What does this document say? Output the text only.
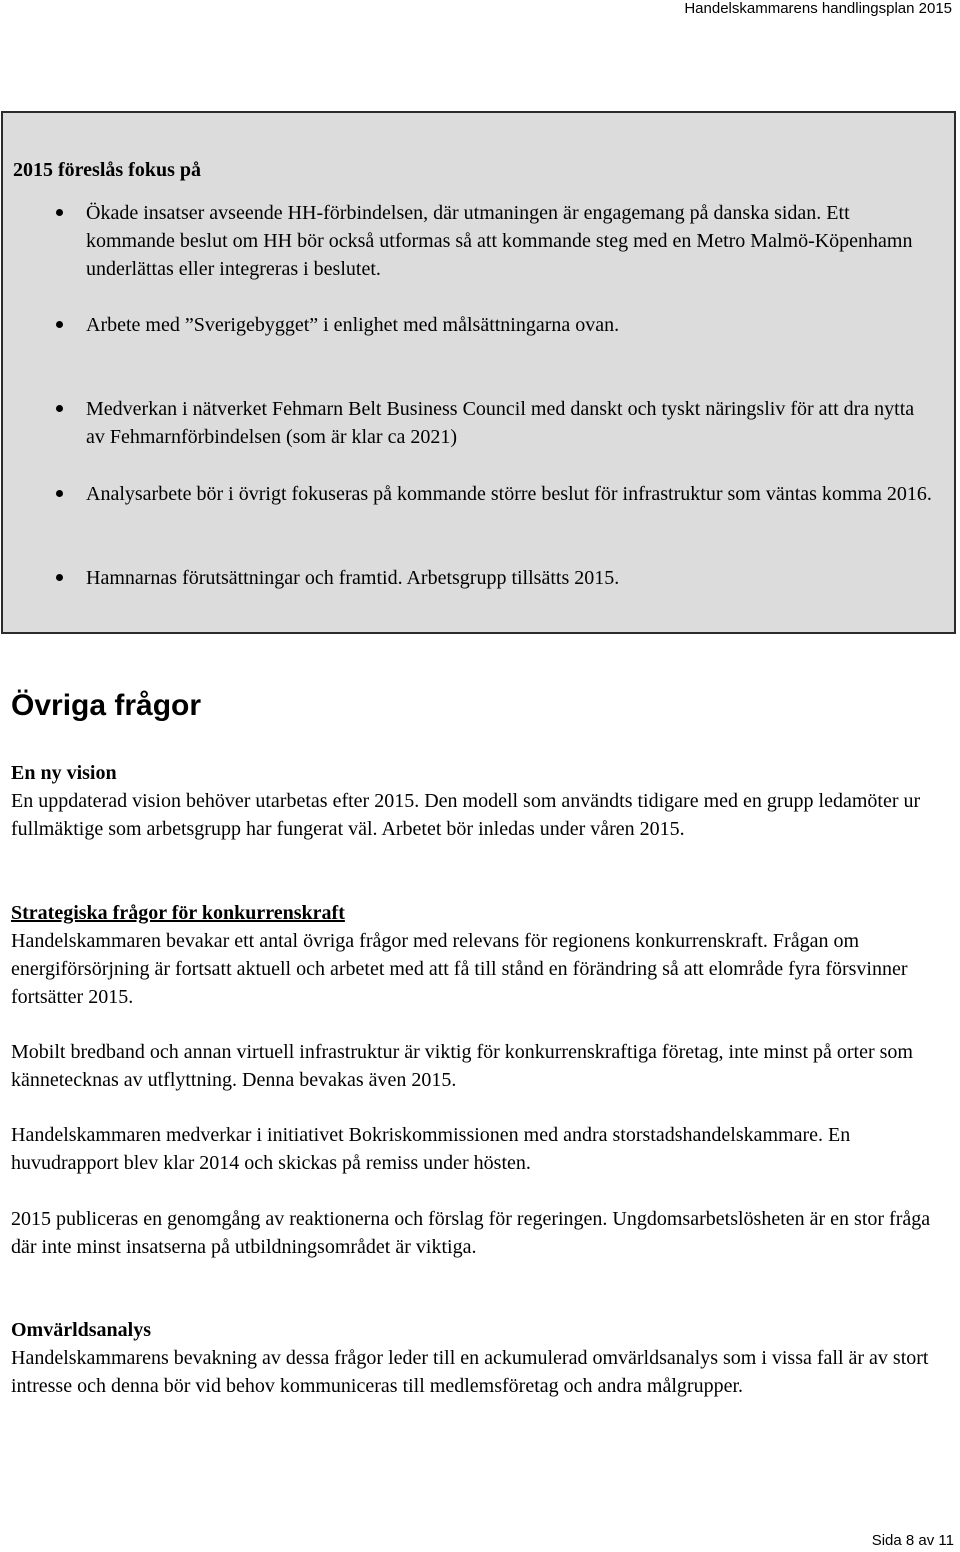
Handelskammarens handlingsplan 2015
2015 föreslås fokus på
Ökade insatser avseende HH-förbindelsen, där utmaningen är engagemang på danska sidan. Ett kommande beslut om HH bör också utformas så att kommande steg med en Metro Malmö-Köpenhamn underlättas eller integreras i beslutet.
Arbete med ”Sverigebygget” i enlighet med målsättningarna ovan.
Medverkan i nätverket Fehmarn Belt Business Council med danskt och tyskt näringsliv för att dra nytta av Fehmarnförbindelsen (som är klar ca 2021)
Analysarbete bör i övrigt fokuseras på kommande större beslut för infrastruktur som väntas komma 2016.
Hamnarnas förutsättningar och framtid. Arbetsgrupp tillsätts 2015.
Övriga frågor
En ny vision
En uppdaterad vision behöver utarbetas efter 2015. Den modell som användts tidigare med en grupp ledamöter ur fullmäktige som arbetsgrupp har fungerat väl. Arbetet bör inledas under våren 2015.
Strategiska frågor för konkurrenskraft
Handelskammaren bevakar ett antal övriga frågor med relevans för regionens konkurrenskraft. Frågan om energiförsörjning är fortsatt aktuell och arbetet med att få till stånd en förändring så att elområde fyra försvinner fortsätter 2015.
Mobilt bredband och annan virtuell infrastruktur är viktig för konkurrenskraftiga företag, inte minst på orter som kännetecknas av utflyttning. Denna bevakas även 2015.
Handelskammaren medverkar i initiativet Bokriskommissionen med andra storstadshandelskammare. En huvudrapport blev klar 2014 och skickas på remiss under hösten.
2015 publiceras en genomgång av reaktionerna och förslag för regeringen. Ungdomsarbetslösheten är en stor fråga där inte minst insatserna på utbildningsområdet är viktiga.
Omvärldsanalys
Handelskammarens bevakning av dessa frågor leder till en ackumulerad omvärldsanalys som i vissa fall är av stort intresse och denna bör vid behov kommuniceras till medlemsföretag och andra målgrupper.
Sida 8 av 11
